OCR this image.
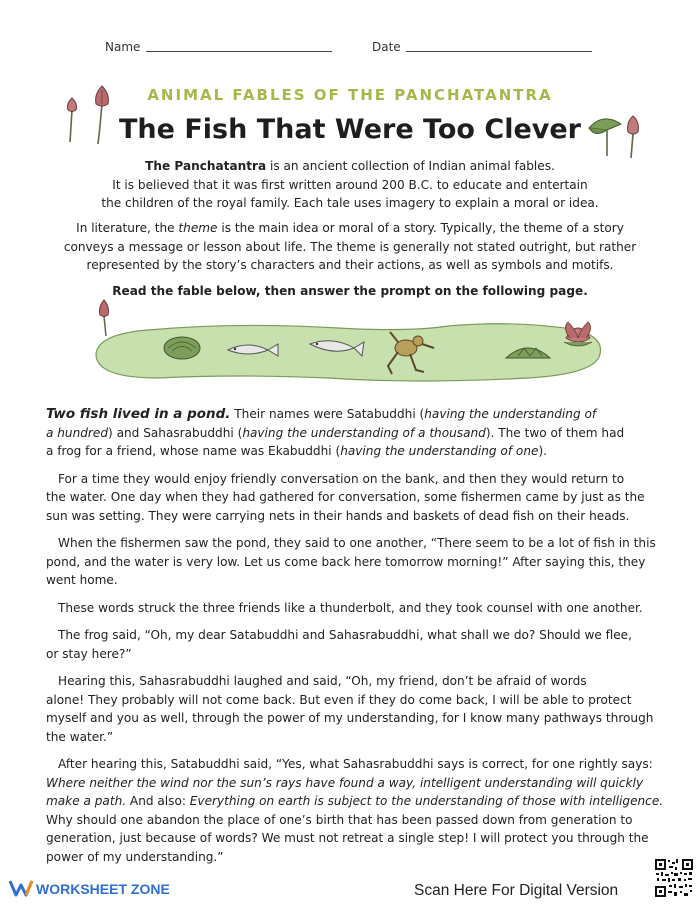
Name	Date
ANIMAL FABLES OF THE PANCHATANTRA
The Fish That Were Too Clever
The Panchatantra is an ancient collection of Indian animal fables.
It is believed that it was first written around 200 B.C. to educate and entertain
the children of the royal family. Each tale uses imagery to explain a moral or idea.
In literature, the theme is the main idea or moral of a story. Typically, the theme of a story
conveys a message or lesson about life. The theme is generally not stated outright, but rather
represented by the story’s characters and their actions, as well as symbols and motifs.
Read the fable below, then answer the prompt on the following page.

Two fish lived in a pond. Their names were Satabuddhi (having the understanding of
a hundred) and Sahasrabuddhi (having the understanding of a thousand). The two of them had
a frog for a friend, whose name was Ekabuddhi (having the understanding of one).

For a time they would enjoy friendly conversation on the bank, and then they would return to
the water. One day when they had gathered for conversation, some fishermen came by just as the
sun was setting. They were carrying nets in their hands and baskets of dead fish on their heads.

When the fishermen saw the pond, they said to one another, “There seem to be a lot of fish in this
pond, and the water is very low. Let us come back here tomorrow morning!” After saying this, they
went home.

These words struck the three friends like a thunderbolt, and they took counsel with one another.

The frog said, “Oh, my dear Satabuddhi and Sahasrabuddhi, what shall we do? Should we flee,
or stay here?”

Hearing this, Sahasrabuddhi laughed and said, “Oh, my friend, don’t be afraid of words
alone! They probably will not come back. But even if they do come back, I will be able to protect
myself and you as well, through the power of my understanding, for I know many pathways through
the water.”

After hearing this, Satabuddhi said, “Yes, what Sahasrabuddhi says is correct, for one rightly says:
Where neither the wind nor the sun’s rays have found a way, intelligent understanding will quickly
make a path. And also: Everything on earth is subject to the understanding of those with intelligence.
Why should one abandon the place of one’s birth that has been passed down from generation to
generation, just because of words? We must not retreat a single step! I will protect you through the
power of my understanding.”

WORKSHEET ZONE	Scan Here For Digital Version
